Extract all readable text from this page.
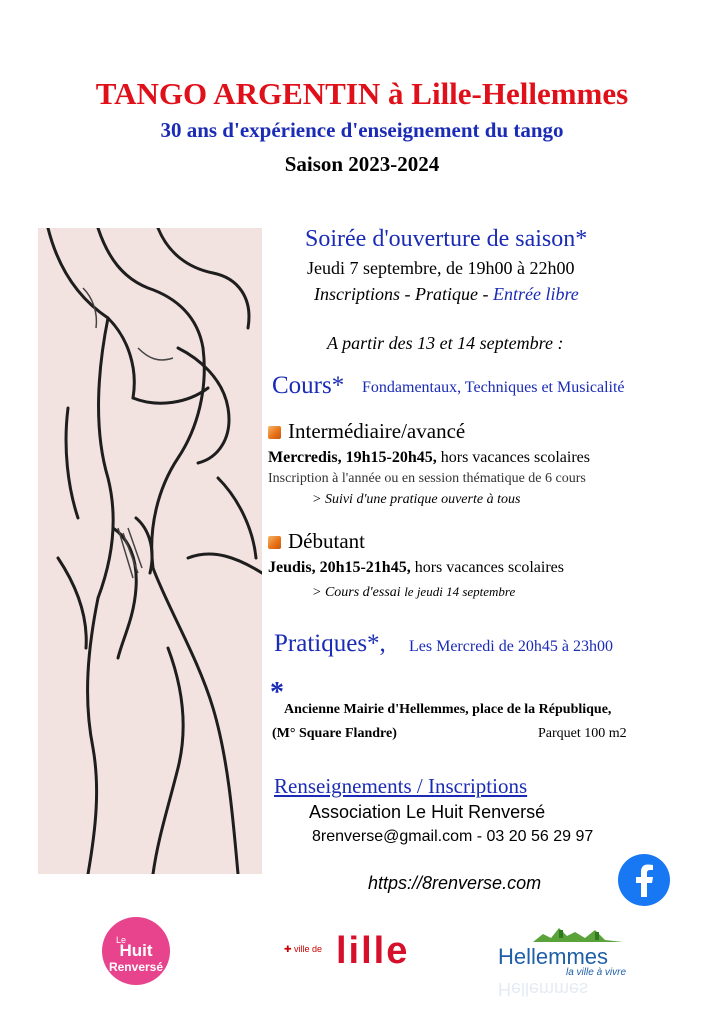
TANGO ARGENTIN à Lille-Hellemmes
30 ans d'expérience d'enseignement du tango
Saison 2023-2024
Soirée d'ouverture de saison*
Jeudi 7 septembre, de 19h00 à 22h00
Inscriptions - Pratique - Entrée libre
A partir des 13 et 14 septembre :
Cours* Fondamentaux, Techniques et Musicalité
Intermédiaire/avancé
Mercredis, 19h15-20h45, hors vacances scolaires
Inscription à l'année ou en session thématique de 6 cours
> Suivi d'une pratique ouverte à tous
Débutant
Jeudis, 20h15-21h45, hors vacances scolaires
> Cours d'essai le jeudi 14 septembre
Pratiques*, Les Mercredi de 20h45 à 23h00
*
Ancienne Mairie d'Hellemmes, place de la République,
(M° Square Flandre)	Parquet 100 m2
Renseignements / Inscriptions
Association Le Huit Renversé
8renverse@gmail.com - 03 20 56 29 97
https://8renverse.com
Le
Huit
Renversé
✚ ville de lille	Hellemmes
la ville à vivre
Hellemmes
